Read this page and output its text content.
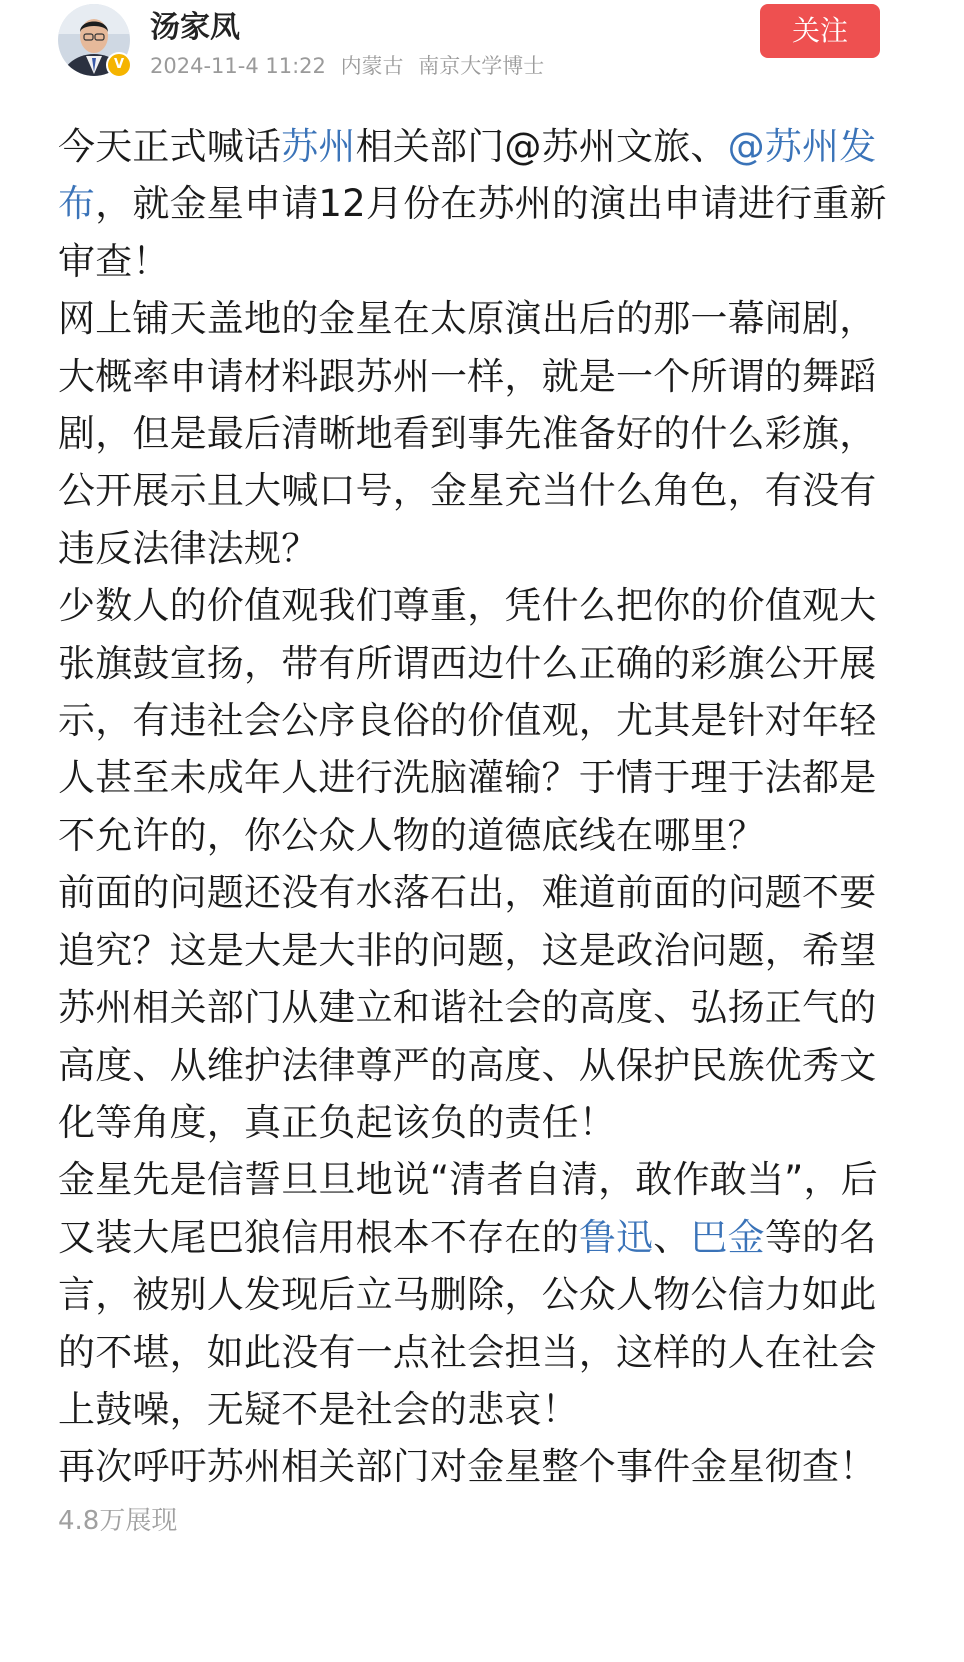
V
汤家凤
2024-11-4 11:22 内蒙古 南京大学博士
关注

今天正式喊话苏州相关部门@苏州文旅、@苏州发布，就金星申请12月份在苏州的演出申请进行重新审查！

网上铺天盖地的金星在太原演出后的那一幕闹剧，大概率申请材料跟苏州一样，就是一个所谓的舞蹈剧，但是最后清晰地看到事先准备好的什么彩旗，公开展示且大喊口号，金星充当什么角色，有没有违反法律法规？

少数人的价值观我们尊重，凭什么把你的价值观大张旗鼓宣扬，带有所谓西边什么正确的彩旗公开展示，有违社会公序良俗的价值观，尤其是针对年轻人甚至未成年人进行洗脑灌输？于情于理于法都是不允许的，你公众人物的道德底线在哪里？

前面的问题还没有水落石出，难道前面的问题不要追究？这是大是大非的问题，这是政治问题，希望苏州相关部门从建立和谐社会的高度、弘扬正气的高度、从维护法律尊严的高度、从保护民族优秀文化等角度，真正负起该负的责任！

金星先是信誓旦旦地说“清者自清，敢作敢当”，后又装大尾巴狼信用根本不存在的鲁迅、巴金等的名言，被别人发现后立马删除，公众人物公信力如此的不堪，如此没有一点社会担当，这样的人在社会上鼓噪，无疑不是社会的悲哀！

再次呼吁苏州相关部门对金星整个事件金星彻查！

4.8万展现
